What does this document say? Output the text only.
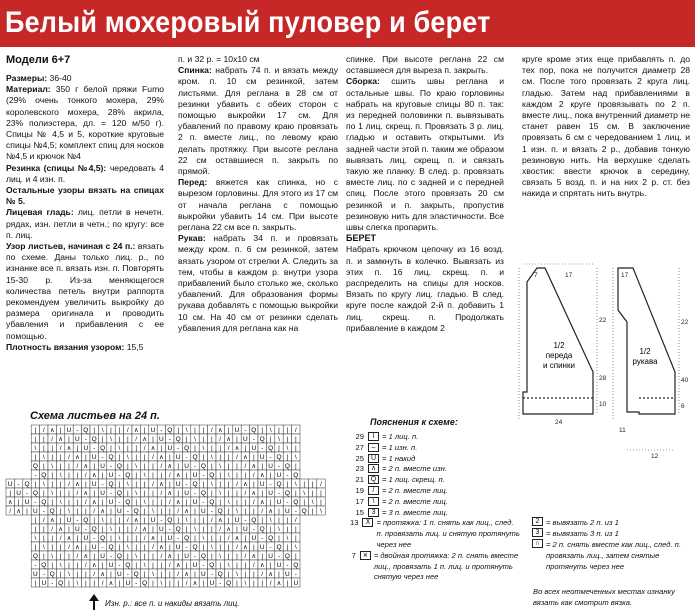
Белый мохеровый пуловер и берет
Модели 6+7

Размеры: 36-40

Материал: 350 г белой пряжи Fumo (29% очень тонкого мохера, 29% королевского мохера, 28% акрила, 23% полиэстера, дл. = 120 м/50 г). Спицы № 4,5 и 5, короткие круговые спицы №4,5; комплект спиц для носков №4,5 и крючок №4

Резинка (спицы №4,5): чередовать 4 лиц. и 4 изн. п.

Остальные узоры вязать на спицах № 5.

Лицевая гладь: лиц. петли в нечетн. рядах, изн. петли в четн.; по кругу: все п. лиц.

Узор листьев, начиная с 24 п.: вязать по схеме. Даны только лиц. р., по изнанке все п. вязать изн. п. Повторять 15-30 р. Из-за меняющегося количества петель внутри раппорта рекомендуем увеличить выкройку до размера оригинала и проводить убавления и прибавления с ее помощью.

Плотность вязания узором: 15,5

п. и 32 р. = 10х10 см

Спинка: набрать 74 п. и вязать между кром. п. 10 см резинкой, затем листьями. Для реглана в 28 см от резинки убавить с обеих сторон с помощью выкройки 17 см. Для убавлений по правому краю провязать 2 п. вместе лиц., по левому краю делать протяжку. При высоте реглана 22 см оставшиеся п. закрыть по прямой.

Перед: вяжется как спинка, но с вырезом горловины. Для этого из 17 см от начала реглана с помощью выкройки убавить 14 см. При высоте реглана 22 см все п. закрыть.

Рукав: набрать 34 п. и провязать между кром. п. 6 см резинкой, затем вязать узором от стрелки А. Следить за тем, чтобы в каждом р. внутри узора прибавлений было столько же, сколько убавлений. Для образования формы рукава добавлять с помощью выкройки 10 см. На 40 см от резинки сделать убавления для реглана как на

спинке. При высоте реглана 22 см оставшиеся для выреза п. закрыть.

Сборка: сшить швы реглана и остальные швы. По краю горловины набрать на круговые спицы 80 п. так: из передней половинки п. вывязывать по 1 лиц. скрещ. п. Провязать 3 р. лиц. гладью и оставить открытыми. Из задней части этой п. таким же образом вывязать лиц. скрещ. п. и связать такую же планку. В след. р. провязать вместе лиц. по с задней и с передней спиц. После этого провязать 20 см резинкой и п. закрыть, пропустив резиновую нить для эластичности. Все швы слегка пропарить.

БЕРЕТ

Набрать крючком цепочку из 16 возд. п. и замкнуть в колечко. Вывязать из этих п. 16 лиц. скрещ. п. и распределить на спицы для носков. Вязать по кругу лиц. гладью. В след. круге после каждой 2-й п. добавить 1 лиц. скрещ. п. Продолжать прибавление в каждом 2

круге кроме этих еще прибавлять п. до тех пор, пока не получится диаметр 28 см. После того провязать 2 круга лиц. гладью. Затем над прибавлениями в каждом 2 круге провязывать по 2 п. вместе лиц., пока внутренний диаметр не станет равен 15 см. В заключение провязать 6 см с чередованием 1 лиц. и 1 изн. п. и вязать 2 р., добавив тонкую резиновую нить. На верхушке сделать хвостик: ввести крючок в середину, связать 5 возд. п. и на них 2 р. ст. без накида и спрятать нить внутрь.

1/2
переда
и спинки
1/2
рукава
7	17	17
22
28
10
24
22
40
6
11
12
Схема листьев на 24 п.
| / ∧ | U - Q | \ | | / ∧ | U - Q | \ | | / ∧ | U - Q | \ | | /
| | / ∧ | U - Q | \ | | / ∧ | U - Q | \ | | / ∧ | U - Q | \ | |
\ | | / ∧ | U - Q | \ | | / ∧ | U - Q | \ | | / ∧ | U - Q | \ |
| \ | | / ∧ | U - Q | \ | | / ∧ | U - Q | \ | | / ∧ | U - Q | \
Q | \ | | / ∧ | U - Q | \ | | / ∧ | U - Q | \ | | / ∧ | U - Q |
- Q | \ | | / ∧ | U - Q | \ | | / ∧ | U - Q | \ | | / ∧ | U - Q
U - Q | \ | | / ∧ | U - Q | \ | | / ∧ | U - Q | \ | | / ∧ | U - Q | \ | | /
| U - Q | \ | | / ∧ | U - Q | \ | | / ∧ | U - Q | \ | | / ∧ | U - Q | \ | |
∧ | U - Q | \ | | / ∧ | U - Q | \ | | / ∧ | U - Q | \ | | / ∧ | U - Q | \ |
/ ∧ | U - Q | \ | | / ∧ | U - Q | \ | | / ∧ | U - Q | \ | | / ∧ | U - Q | \
| / ∧ | U - Q | \ | | / ∧ | U - Q | \ | | / ∧ | U - Q | \ | | /
| | / ∧ | U - Q | \ | | / ∧ | U - Q | \ | | / ∧ | U - Q | \ | |
\ | | / ∧ | U - Q | \ | | / ∧ | U - Q | \ | | / ∧ | U - Q | \ |
| \ | | / ∧ | U - Q | \ | | / ∧ | U - Q | \ | | / ∧ | U - Q | \
Q | \ | | / ∧ | U - Q | \ | | / ∧ | U - Q | \ | | / ∧ | U - Q |
- Q | \ | | / ∧ | U - Q | \ | | / ∧ | U - Q | \ | | / ∧ | U - Q
U - Q | \ | | / ∧ | U - Q | \ | | / ∧ | U - Q | \ | | / ∧ | U -
| U - Q | \ | | / ∧ | U - Q | \ | | / ∧ | U - Q | \ | | / ∧ | U
Изн. р.: все п. и накиды вязать лиц.
Пояснения к схеме:
29	I = 1 лиц. п.
27	– = 1 изн. п.
25 U = 1 накид
23 ∧ = 2 п. вместе изн.
21 Q = 1 лиц. скрещ. п.
19	/ = 2 п. вместе лиц.
17	\ = 2 п. вместе лиц.
15	3 = 3 п. вместе лиц.
13 ⊼ = протяжка: 1 п. снять как лиц., след. п. провязать лиц. и снятую протянуть через нее
7	⩙ = двойная протяжка: 2 п. снять вместе лиц., провязать 1 п. лиц. и протянуть снятую через нее
2 = вывязать 2 п. из 1
3 = вывязать 3 п. из 1
∩ = 2 п. снять вместе как лиц., след. п. провязать лиц., затем снятые протянуть через нее
Во всех неотмеченных местах изнанку вязать как смотрит вязка.
